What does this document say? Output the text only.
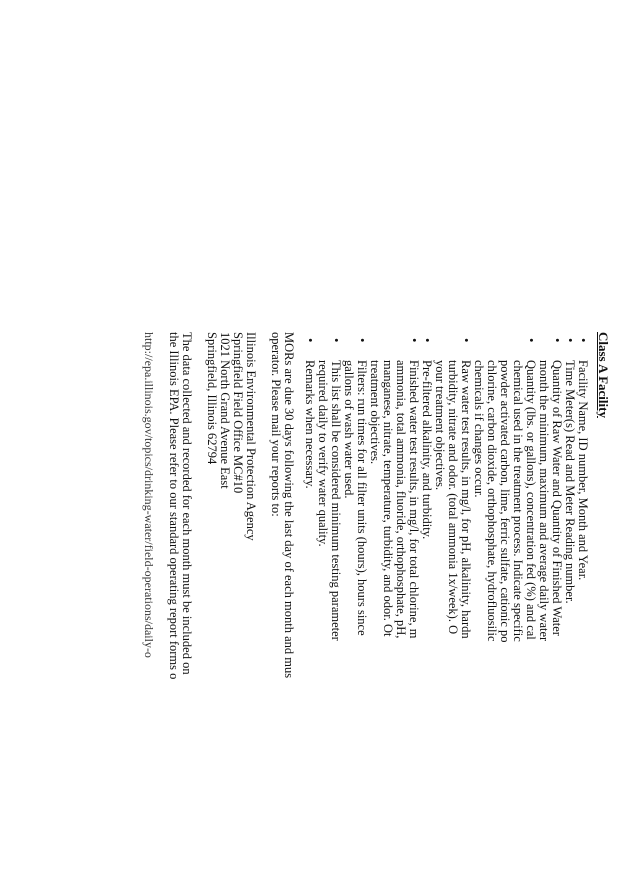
Class A Facility
•
Facility Name, ID number, Month and Year.
•
Time Meter(s) Read and Meter Reading number.
•
Quantity of Raw Water and Quantity of Finished Water
month the minimum, maximum and average daily water
•
Quantity (lbs. or gallons), concentration fed (%) and cal
chemical used in the treatment process. Indicate specific
powder activated carbon, lime, ferric sulfate, cationic po
chlorine, carbon dioxide, orthophosphate, hydrofluosilic
chemicals if changes occur.
•
Raw water test results, in mg/l, for pH, alkalinity, hardn
turbidity, nitrate and odor. (total ammonia 1x/week). O
your treatment objectives.
•
Pre-filtered alkalinity, and turbidity.
•
Finished water test results, in mg/l, for total chlorine, m
ammonia, total ammonia, fluoride, orthophosphate, pH,
manganese, nitrate, temperature, turbidity, and odor. Ot
treatment objectives.
•
Filters: run times for all filter units (hours), hours since
gallons of wash water used.
•
This list shall be considered minimum testing parameter
required daily to verify water quality.
•
Remarks when necessary.
MORs are due 30 days following the last day of each month and mus
operator. Please mail your reports to:
Illinois Environmental Protection Agency
Springfield Field Office MC#10
1021 North Grand Avenue East
Springfield, Illinois 62794
The data collected and recorded for each month must be included on
the Illinois EPA. Please refer to our standard operating report forms o
http://epa.illinois.gov/topics/drinking-water/field-operations/daily-o
